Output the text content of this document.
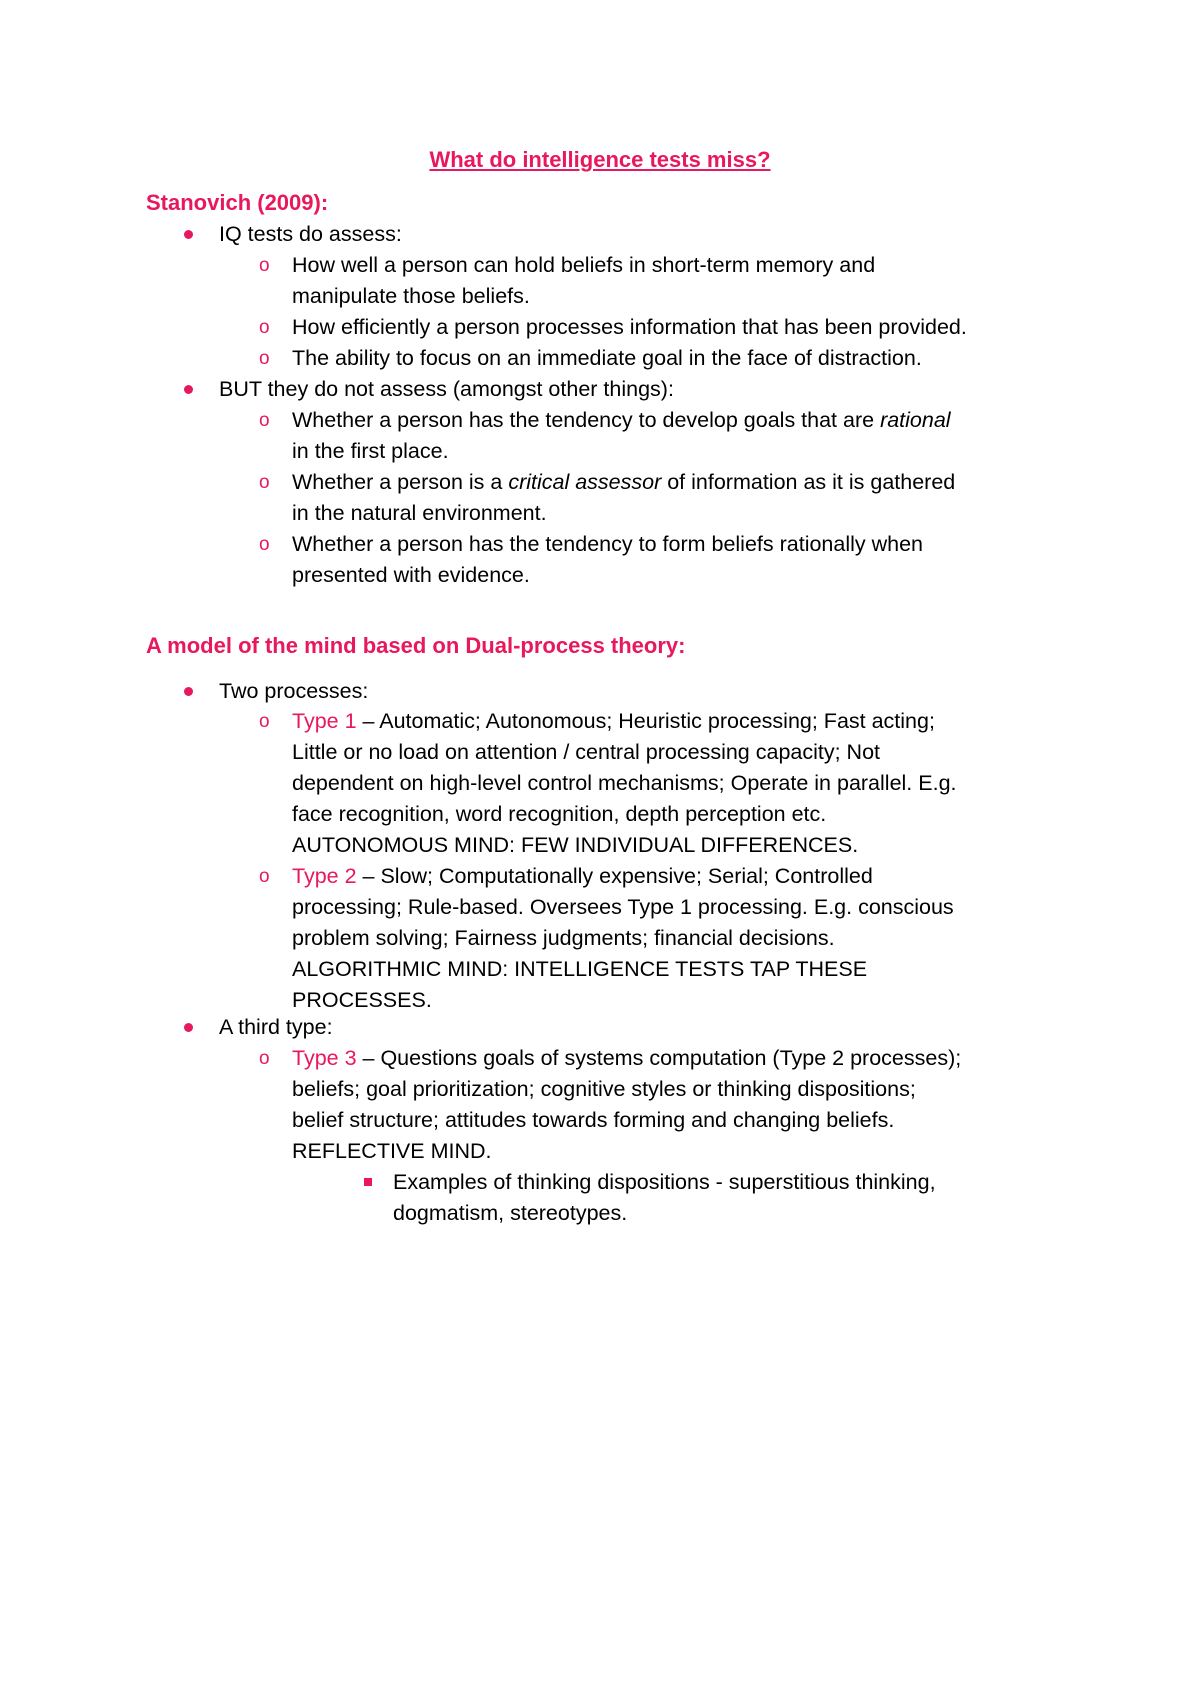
What do intelligence tests miss?
Stanovich (2009):
IQ tests do assess:
o How well a person can hold beliefs in short-term memory and
manipulate those beliefs.
o How efficiently a person processes information that has been provided.
o The ability to focus on an immediate goal in the face of distraction.
BUT they do not assess (amongst other things):
o Whether a person has the tendency to develop goals that are rational
in the first place.
o Whether a person is a critical assessor of information as it is gathered
in the natural environment.
o Whether a person has the tendency to form beliefs rationally when
presented with evidence.
A model of the mind based on Dual-process theory:
Two processes:
o Type 1 – Automatic; Autonomous; Heuristic processing; Fast acting;
Little or no load on attention / central processing capacity; Not
dependent on high-level control mechanisms; Operate in parallel. E.g.
face recognition, word recognition, depth perception etc.
AUTONOMOUS MIND: FEW INDIVIDUAL DIFFERENCES.
o Type 2 – Slow; Computationally expensive; Serial; Controlled
processing; Rule-based. Oversees Type 1 processing. E.g. conscious
problem solving; Fairness judgments; financial decisions.
ALGORITHMIC MIND: INTELLIGENCE TESTS TAP THESE
PROCESSES.
A third type:
o Type 3 – Questions goals of systems computation (Type 2 processes);
beliefs; goal prioritization; cognitive styles or thinking dispositions;
belief structure; attitudes towards forming and changing beliefs.
REFLECTIVE MIND.
Examples of thinking dispositions - superstitious thinking,
dogmatism, stereotypes.
